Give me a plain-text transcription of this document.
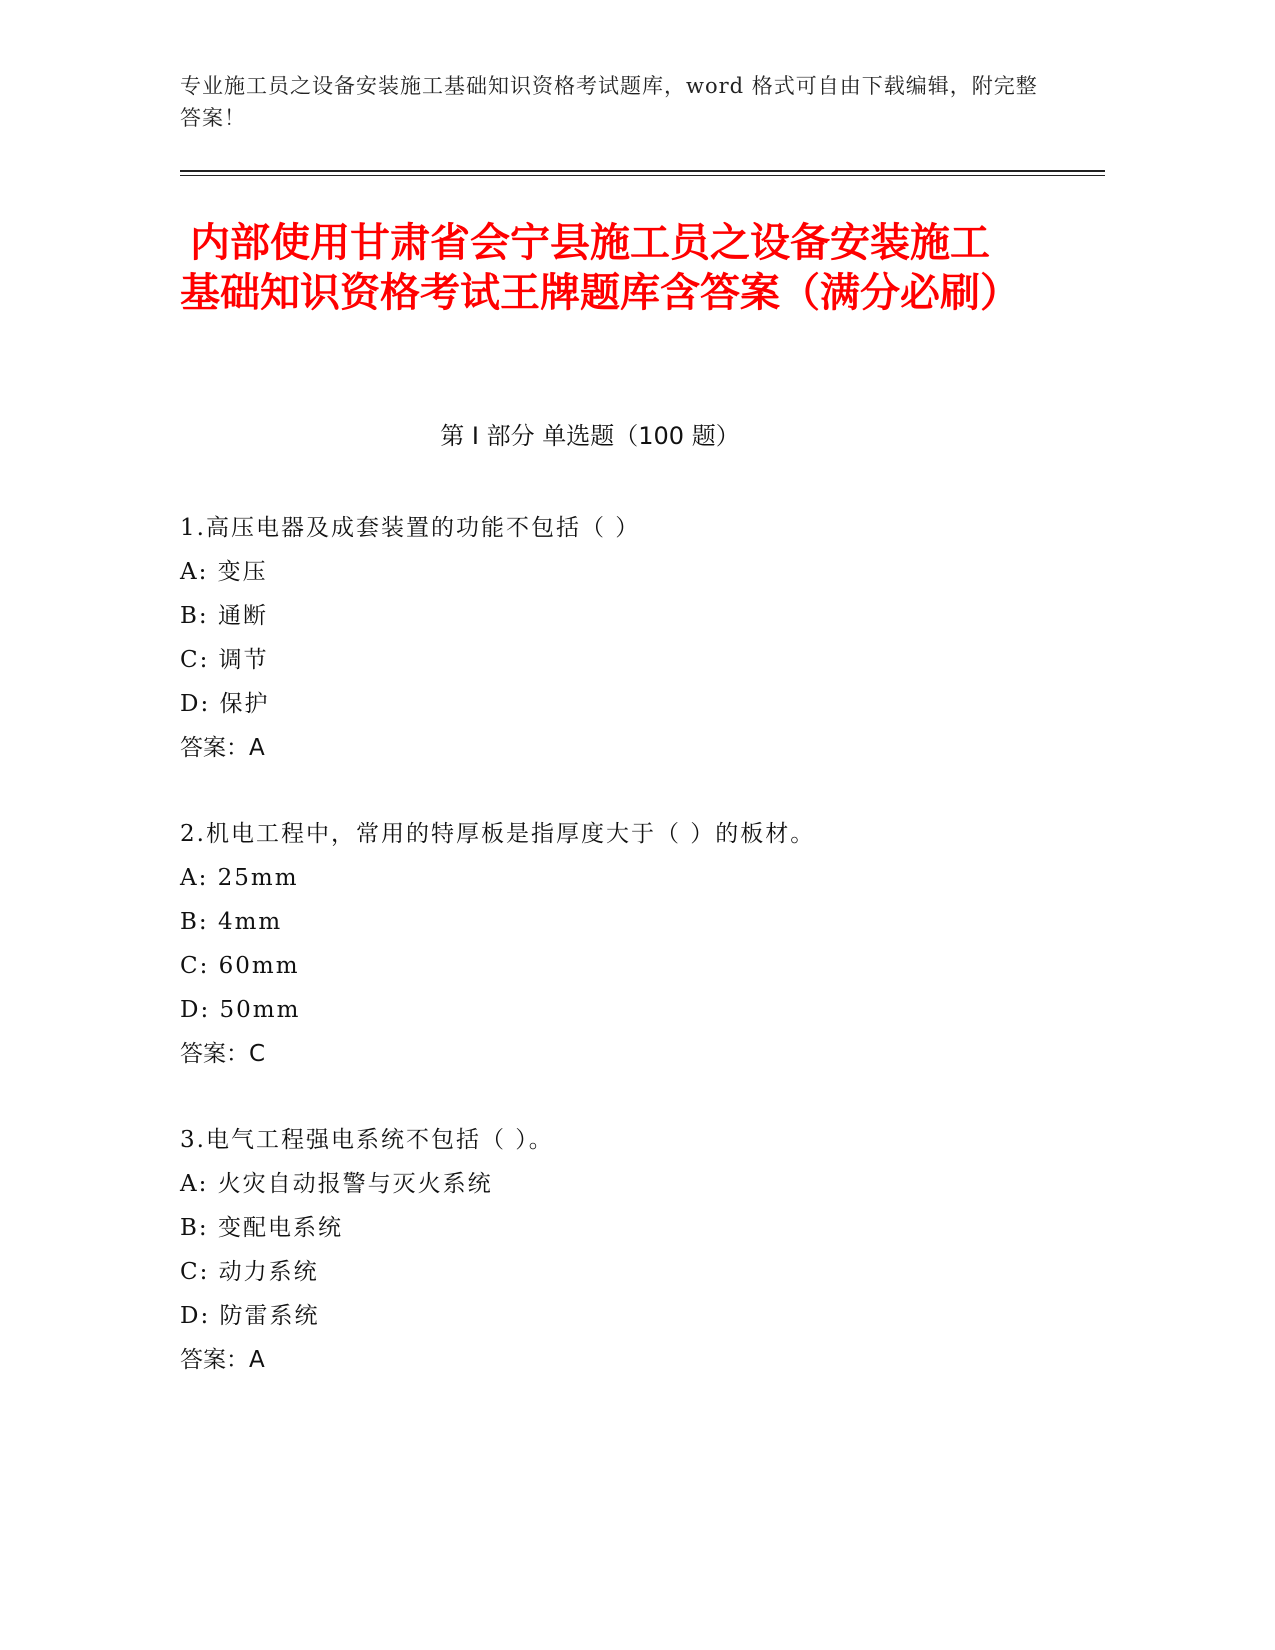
专业施工员之设备安装施工基础知识资格考试题库，word 格式可自由下载编辑，附完整答案！
内部使用甘肃省会宁县施工员之设备安装施工基础知识资格考试王牌题库含答案（满分必刷）
第 I 部分 单选题（100 题）
1.高压电器及成套装置的功能不包括（ ）
A: 变压
B: 通断
C: 调节
D: 保护
答案：A
2.机电工程中，常用的特厚板是指厚度大于（ ）的板材。
A: 25mm
B: 4mm
C: 60mm
D: 50mm
答案：C
3.电气工程强电系统不包括（ ）。
A: 火灾自动报警与灭火系统
B: 变配电系统
C: 动力系统
D: 防雷系统
答案：A
